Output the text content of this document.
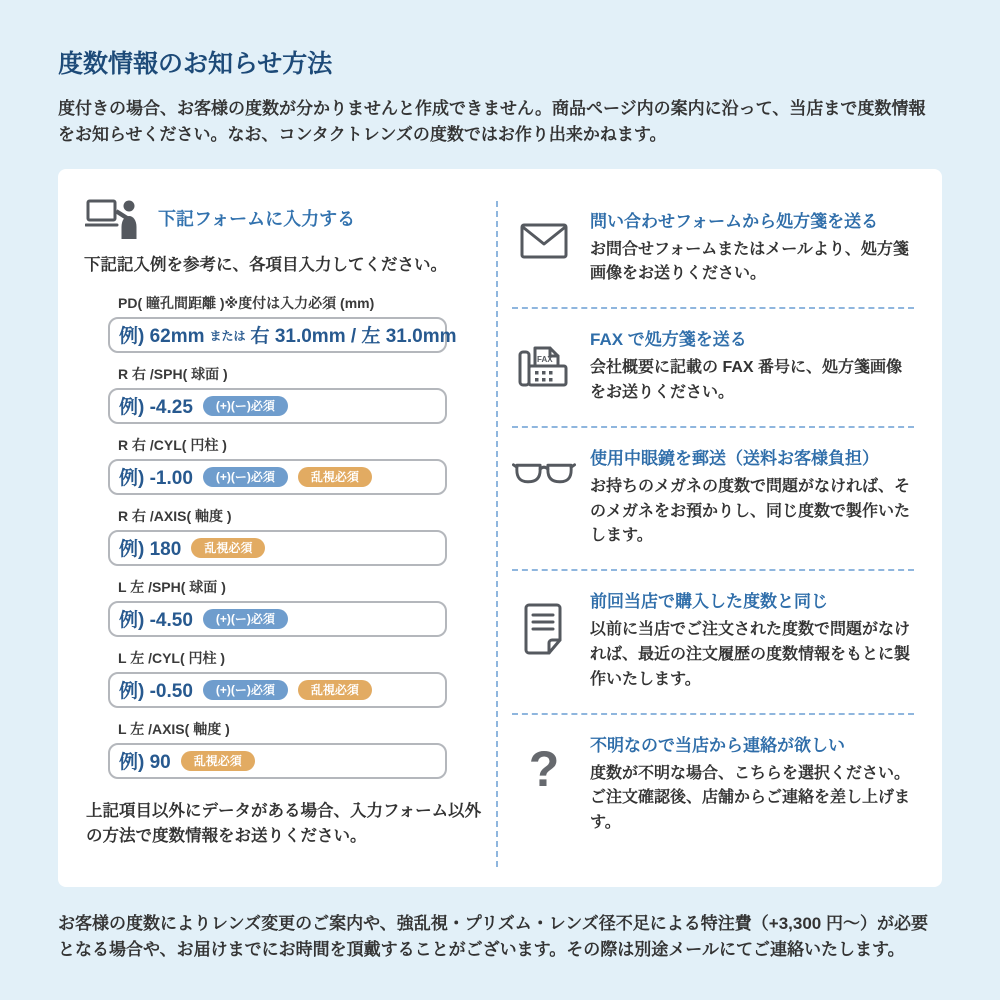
度数情報のお知らせ方法

度付きの場合、お客様の度数が分かりませんと作成できません。商品ページ内の案内に沿って、当店まで度数情報をお知らせください。なお、コンタクトレンズの度数ではお作り出来かねます。

下記フォームに入力する

下記記入例を参考に、各項目入力してください。

PD( 瞳孔間距離 )※度付は入力必須 (mm)
例) 62mm または 右 31.0mm / 左 31.0mm
R 右 /SPH( 球面 )
例) -4.25	(+)(ー)必須
R 右 /CYL( 円柱 )
例) -1.00	(+)(ー)必須	乱視必須
R 右 /AXIS( 軸度 )
例) 180	乱視必須
L 左 /SPH( 球面 )
例) -4.50	(+)(ー)必須
L 左 /CYL( 円柱 )
例) -0.50	(+)(ー)必須	乱視必須
L 左 /AXIS( 軸度 )
例) 90	乱視必須

上記項目以外にデータがある場合、入力フォーム以外の方法で度数情報をお送りください。

問い合わせフォームから処方箋を送る

お問合せフォームまたはメールより、処方箋画像をお送りください。

FAX

FAX で処方箋を送る

会社概要に記載の FAX 番号に、処方箋画像をお送りください。

使用中眼鏡を郵送（送料お客様負担）

お持ちのメガネの度数で問題がなければ、そのメガネをお預かりし、同じ度数で製作いたします。

前回当店で購入した度数と同じ

以前に当店でご注文された度数で問題がなければ、最近の注文履歴の度数情報をもとに製作いたします。

? 不明なので当店から連絡が欲しい

度数が不明な場合、こちらを選択ください。ご注文確認後、店舗からご連絡を差し上げます。

お客様の度数によりレンズ変更のご案内や、強乱視・プリズム・レンズ径不足による特注費（+3,300 円～）が必要となる場合や、お届けまでにお時間を頂戴することがございます。その際は別途メールにてご連絡いたします。
